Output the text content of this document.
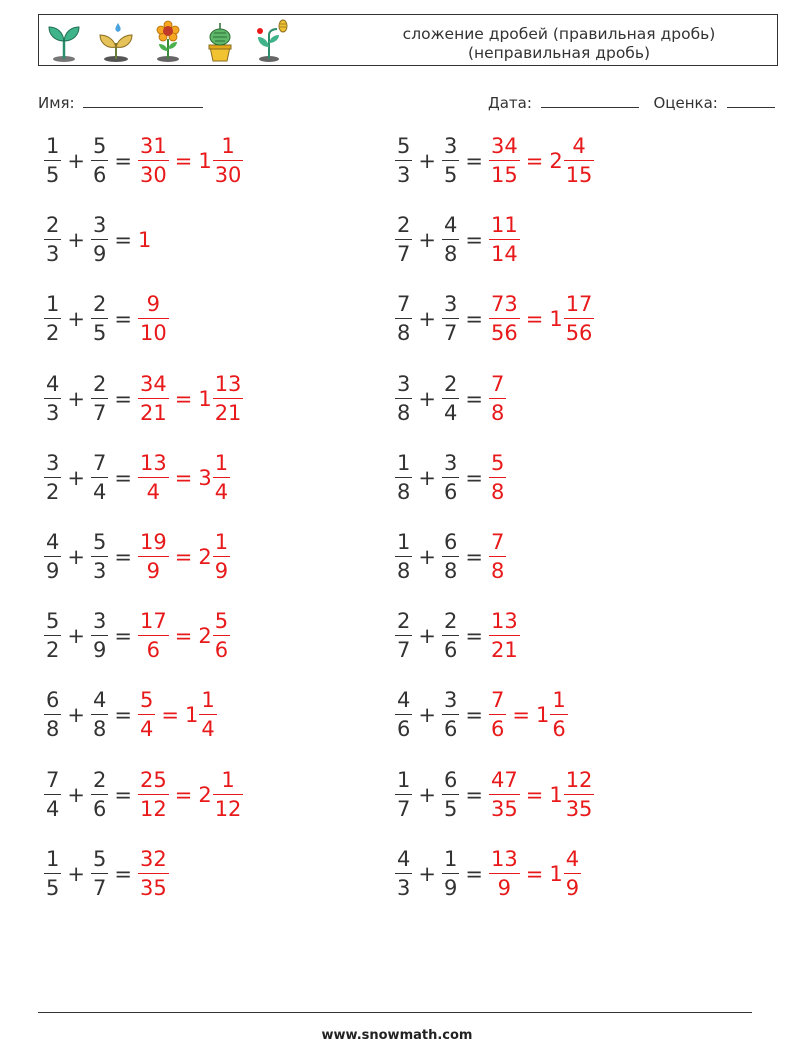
сложение дробей (правильная дробь)
(неправильная дробь)
Имя:	Дата:	Оценка:
$\frac{1}{5} + \frac{5}{6} = \frac{31}{30} = 1 \frac{1}{30}$	$\frac{5}{3} + \frac{3}{5} = \frac{34}{15} = 2 \frac{4}{15}$
$\frac{2}{3} + \frac{3}{9} = 1$	$\frac{2}{7} + \frac{4}{8} = \frac{11}{14}$
$\frac{1}{2} + \frac{2}{5} = \frac{9}{10}$	$\frac{7}{8} + \frac{3}{7} = \frac{73}{56} = 1 \frac{17}{56}$
$\frac{4}{3} + \frac{2}{7} = \frac{34}{21} = 1 \frac{13}{21}$	$\frac{3}{8} + \frac{2}{4} = \frac{7}{8}$
$\frac{3}{2} + \frac{7}{4} = \frac{13}{4} = 3 \frac{1}{4}$	$\frac{1}{8} + \frac{3}{6} = \frac{5}{8}$
$\frac{4}{9} + \frac{5}{3} = \frac{19}{9} = 2 \frac{1}{9}$	$\frac{1}{8} + \frac{6}{8} = \frac{7}{8}$
$\frac{5}{2} + \frac{3}{9} = \frac{17}{6} = 2 \frac{5}{6}$	$\frac{2}{7} + \frac{2}{6} = \frac{13}{21}$
$\frac{6}{8} + \frac{4}{8} = \frac{5}{4} = 1 \frac{1}{4}$	$\frac{4}{6} + \frac{3}{6} = \frac{7}{6} = 1 \frac{1}{6}$
$\frac{7}{4} + \frac{2}{6} = \frac{25}{12} = 2 \frac{1}{12}$	$\frac{1}{7} + \frac{6}{5} = \frac{47}{35} = 1 \frac{12}{35}$
$\frac{1}{5} + \frac{5}{7} = \frac{32}{35}$	$\frac{4}{3} + \frac{1}{9} = \frac{13}{9} = 1 \frac{4}{9}$
www.snowmath.com
